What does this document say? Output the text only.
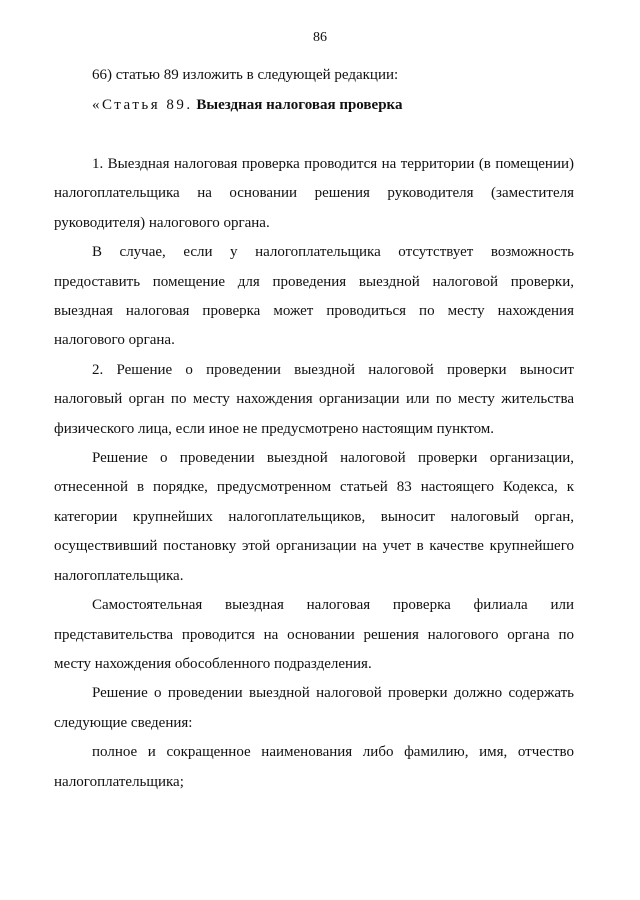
86

66) статью 89 изложить в следующей редакции:

«Статья 89. Выездная налоговая проверка

1. Выездная налоговая проверка проводится на территории (в помещении) налогоплательщика на основании решения руководителя (заместителя руководителя) налогового органа.

В случае, если у налогоплательщика отсутствует возможность предоставить помещение для проведения выездной налоговой проверки, выездная налоговая проверка может проводиться по месту нахождения налогового органа.

2. Решение о проведении выездной налоговой проверки выносит налоговый орган по месту нахождения организации или по месту жительства физического лица, если иное не предусмотрено настоящим пунктом.

Решение о проведении выездной налоговой проверки организации, отнесенной в порядке, предусмотренном статьей 83 настоящего Кодекса, к категории крупнейших налогоплательщиков, выносит налоговый орган, осуществивший постановку этой организации на учет в качестве крупнейшего налогоплательщика.

Самостоятельная выездная налоговая проверка филиала или представительства проводится на основании решения налогового органа по месту нахождения обособленного подразделения.

Решение о проведении выездной налоговой проверки должно содержать следующие сведения:

полное и сокращенное наименования либо фамилию, имя, отчество налогоплательщика;
